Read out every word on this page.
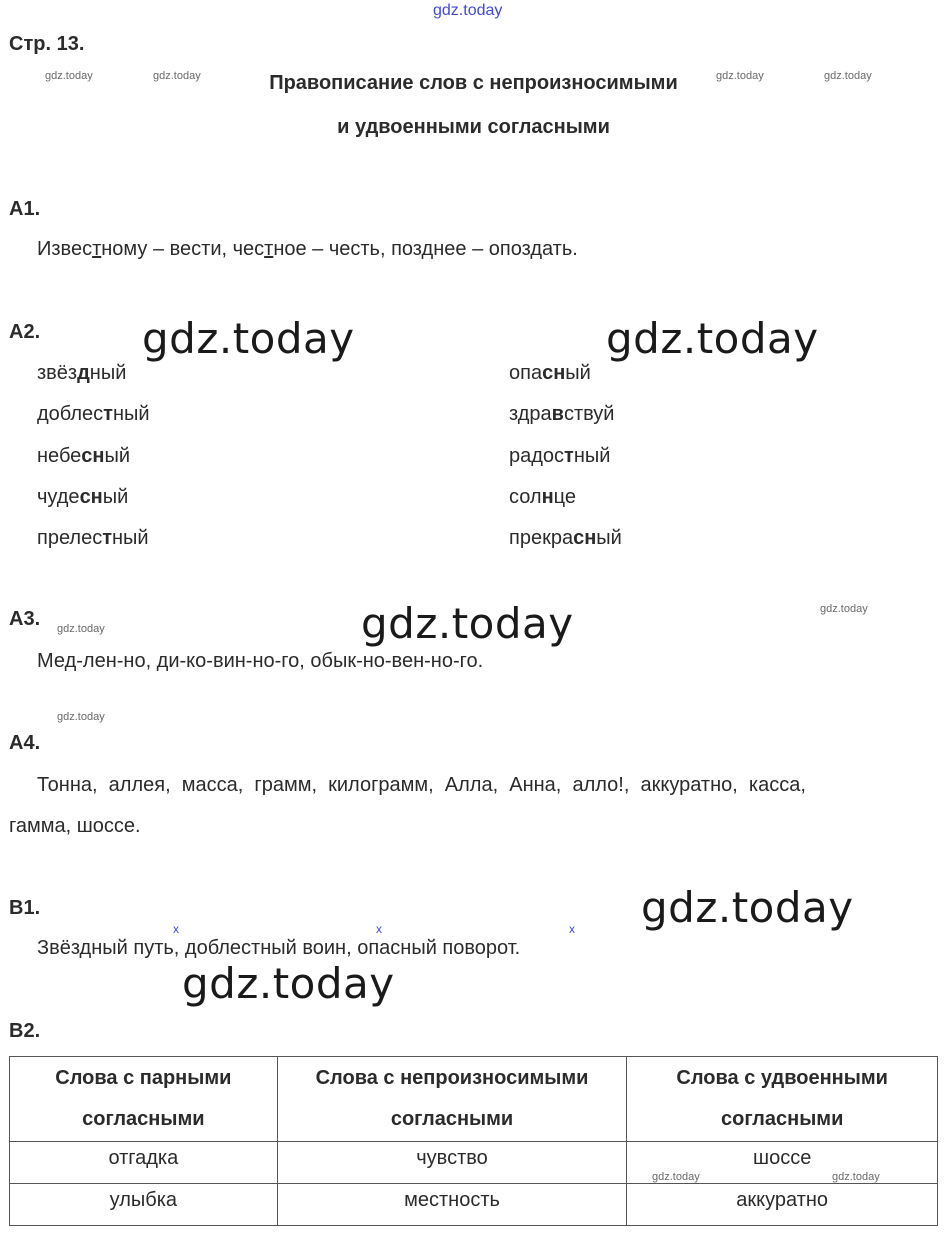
gdz.today
Стр. 13.
gdz.today	gdz.today	gdz.today	gdz.today
Правописание слов с непроизносимыми
и удвоенными согласными
А1.
Известному – вести, честное – честь, позднее – опоздать.
А2. gdz.today	gdz.today
звёздный
доблестный
небесный
чудесный
прелестный
опасный
здравствуй
радостный
солнце
прекрасный
А3. gdz.today	gdz.today	gdz.today
Мед-лен-но, ди-ко-вин-но-го, обык-но-вен-но-го.
gdz.today
А4.
Тонна,  аллея,  масса,  грамм,  килограмм,  Алла,  Анна,  алло!,  аккуратно,  касса,
гамма, шоссе.
В1.	gdz.today
x	x	x
Звёздный путь, доблестный воин, опасный поворот.
gdz.today
В2.
Слова с парными
согласными	Слова с непроизносимыми
согласными	Слова с удвоенными
согласными

отгадка	чувство	шоссе
улыбка	местность	аккуратно
gdz.today	gdz.today
